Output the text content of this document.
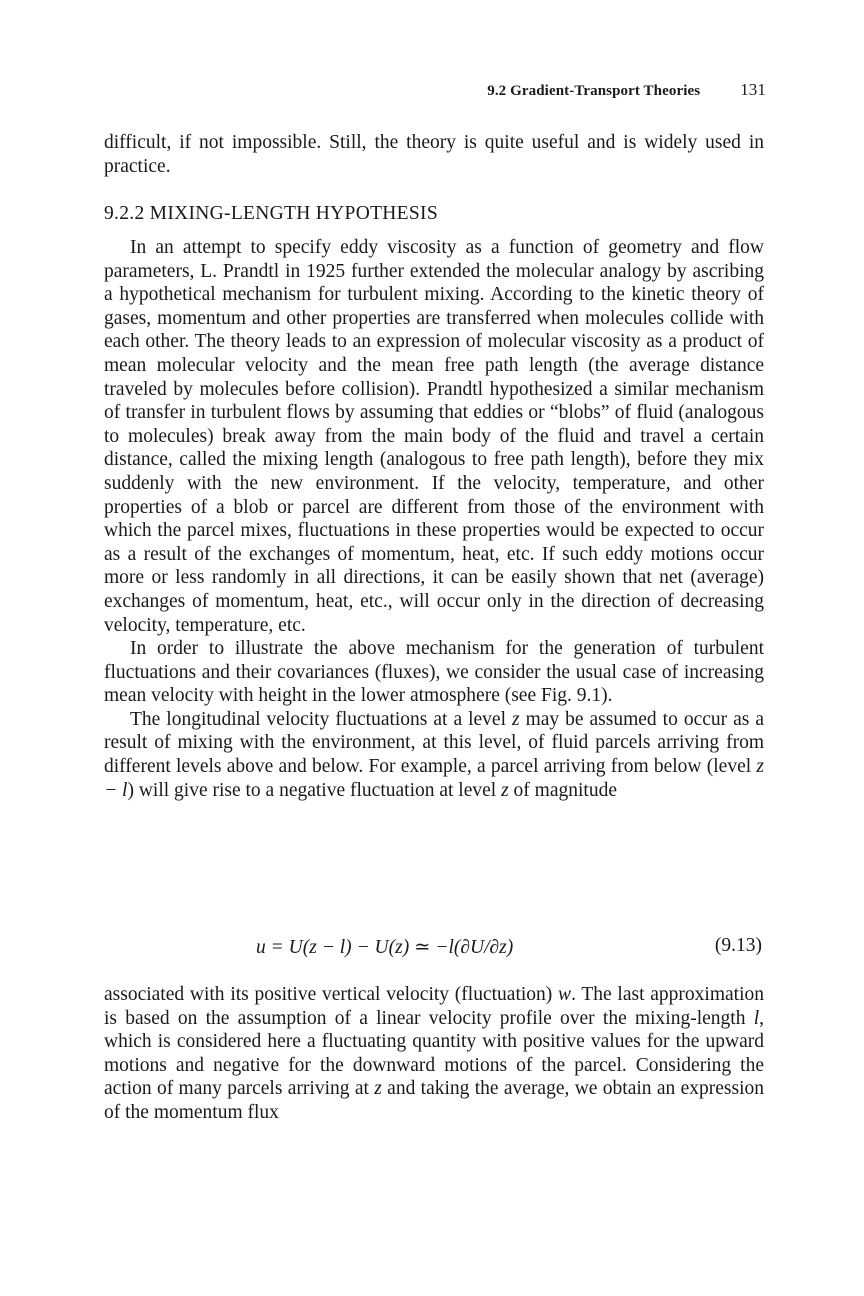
9.2 Gradient-Transport Theories 131

difficult, if not impossible. Still, the theory is quite useful and is widely used in practice.

9.2.2 MIXING-LENGTH HYPOTHESIS

In an attempt to specify eddy viscosity as a function of geometry and flow parameters, L. Prandtl in 1925 further extended the molecular analogy by ascribing a hypothetical mechanism for turbulent mixing. According to the kinetic theory of gases, momentum and other properties are transferred when molecules collide with each other. The theory leads to an expression of molecular viscosity as a product of mean molecular velocity and the mean free path length (the average distance traveled by molecules before collision). Prandtl hypothesized a similar mechanism of transfer in turbulent flows by assuming that eddies or “blobs” of fluid (analogous to molecules) break away from the main body of the fluid and travel a certain distance, called the mixing length (analogous to free path length), before they mix suddenly with the new environment. If the velocity, temperature, and other properties of a blob or parcel are different from those of the environment with which the parcel mixes, fluctuations in these properties would be expected to occur as a result of the exchanges of momentum, heat, etc. If such eddy motions occur more or less randomly in all directions, it can be easily shown that net (average) exchanges of momentum, heat, etc., will occur only in the direction of decreasing velocity, temperature, etc.

In order to illustrate the above mechanism for the generation of turbulent fluctuations and their covariances (fluxes), we consider the usual case of increasing mean velocity with height in the lower atmosphere (see Fig. 9.1).

The longitudinal velocity fluctuations at a level z may be assumed to occur as a result of mixing with the environment, at this level, of fluid parcels arriving from different levels above and below. For example, a parcel arriving from below (level z − l) will give rise to a negative fluctuation at level z of magnitude

u = U(z − l) − U(z) ≃ −l(∂U/∂z)	(9.13)

associated with its positive vertical velocity (fluctuation) w. The last approximation is based on the assumption of a linear velocity profile over the mixing-length l, which is considered here a fluctuating quantity with positive values for the upward motions and negative for the downward motions of the parcel. Considering the action of many parcels arriving at z and taking the average, we obtain an expression of the momentum flux
